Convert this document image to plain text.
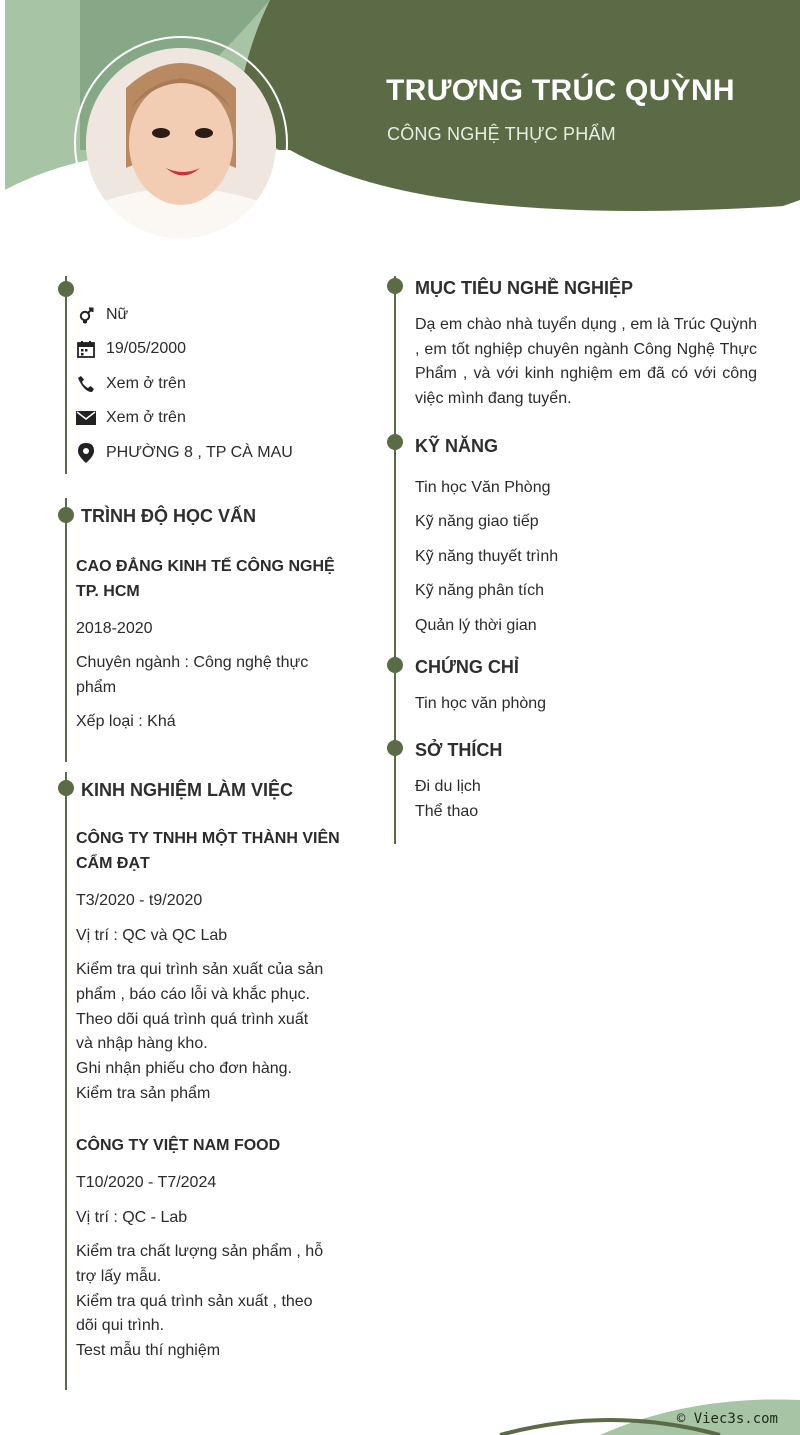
TRƯƠNG TRÚC QUỲNH
CÔNG NGHỆ THỰC PHẨM
Nữ
19/05/2000
Xem ở trên
Xem ở trên
PHƯỜNG 8 , TP CÀ MAU
TRÌNH ĐỘ HỌC VẤN
CAO ĐẲNG KINH TẾ CÔNG NGHỆ
TP. HCM
2018-2020
Chuyên ngành : Công nghệ thực
phẩm
Xếp loại : Khá
KINH NGHIỆM LÀM VIỆC
CÔNG TY TNHH MỘT THÀNH VIÊN
CẨM ĐẠT
T3/2020 - t9/2020
Vị trí : QC và QC Lab
Kiểm tra qui trình sản xuất của sản
phẩm , báo cáo lỗi và khắc phục.
Theo dõi quá trình quá trình xuất
và nhập hàng kho.
Ghi nhận phiếu cho đơn hàng.
Kiểm tra sản phẩm
CÔNG TY VIỆT NAM FOOD
T10/2020 - T7/2024
Vị trí : QC - Lab
Kiểm tra chất lượng sản phẩm , hỗ
trợ lấy mẫu.
Kiểm tra quá trình sản xuất , theo
dõi qui trình.
Test mẫu thí nghiệm
MỤC TIÊU NGHỀ NGHIỆP
Dạ em chào nhà tuyển dụng , em là Trúc Quỳnh , em tốt nghiệp chuyên ngành Công Nghệ Thực Phẩm , và với kinh nghiệm em đã có với công việc mình đang tuyển.
KỸ NĂNG
Tin học Văn Phòng
Kỹ năng giao tiếp
Kỹ năng thuyết trình
Kỹ năng phân tích
Quản lý thời gian
CHỨNG CHỈ
Tin học văn phòng
SỞ THÍCH
Đi du lịch
Thể thao
© Viec3s.com
